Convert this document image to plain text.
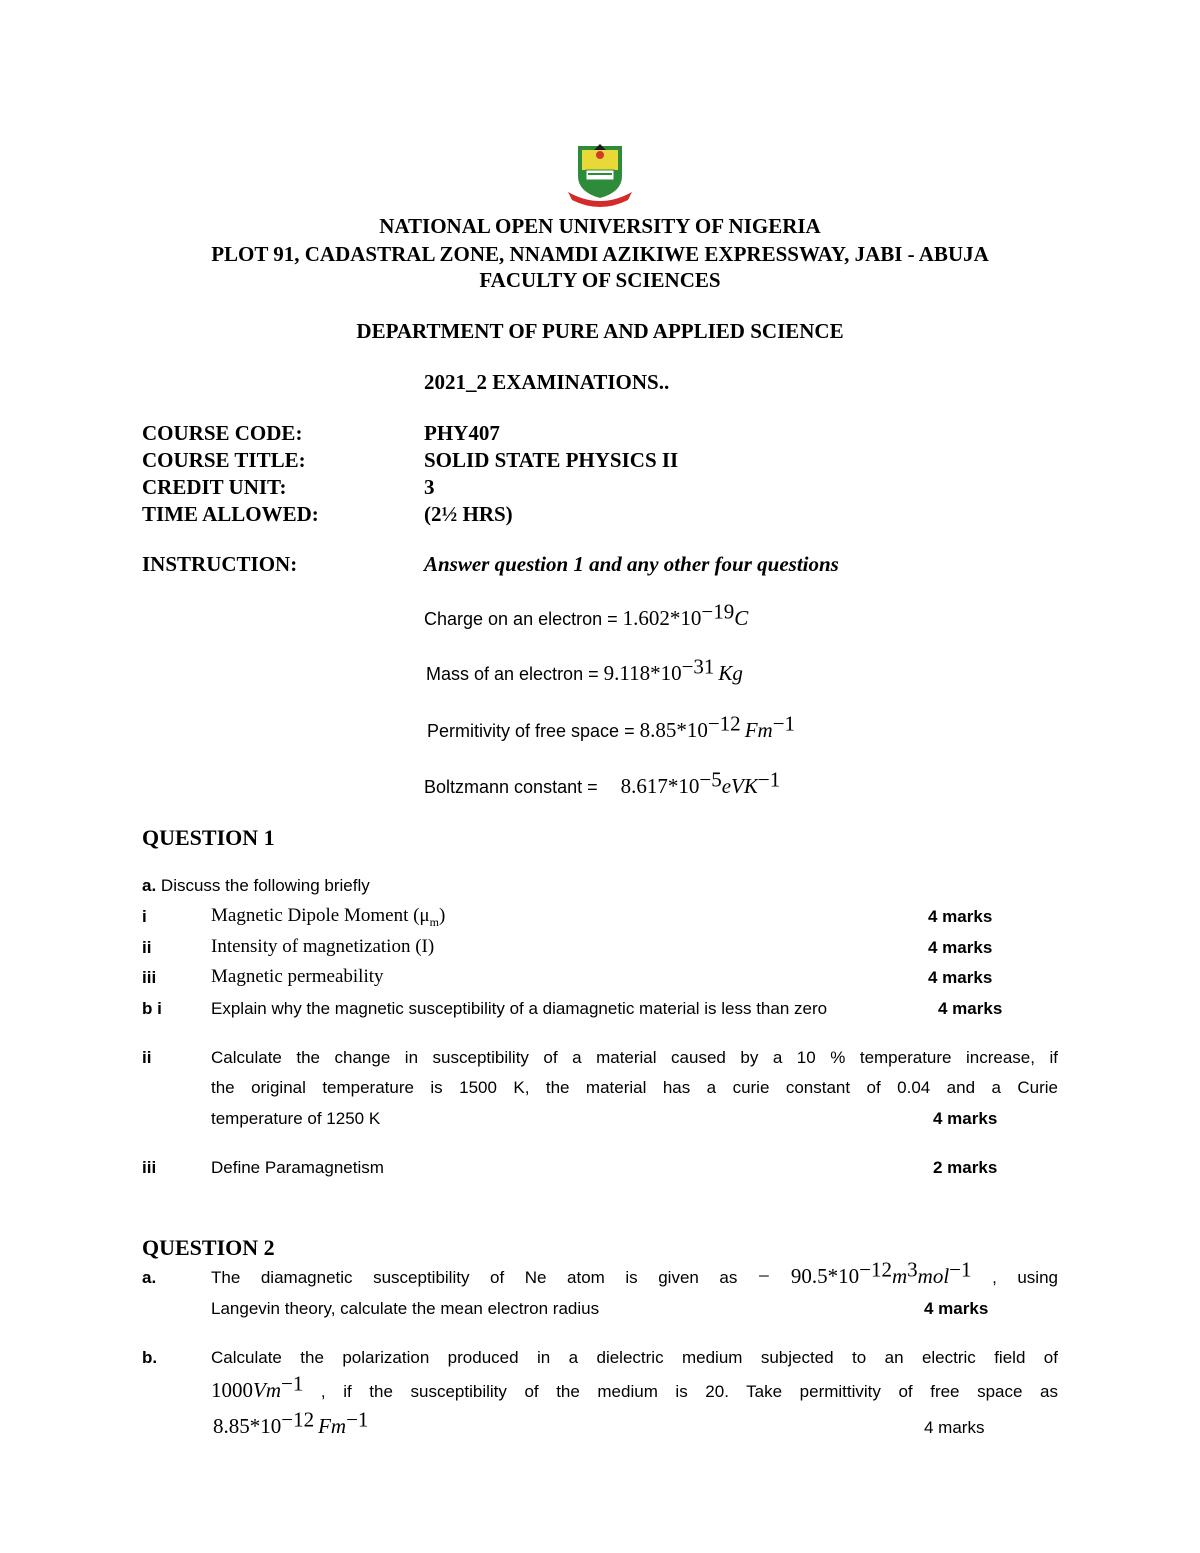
NATIONAL OPEN UNIVERSITY OF NIGERIA
PLOT 91, CADASTRAL ZONE, NNAMDI AZIKIWE EXPRESSWAY, JABI - ABUJA
FACULTY OF SCIENCES
DEPARTMENT OF PURE AND APPLIED SCIENCE
2021_2 EXAMINATIONS..
COURSE CODE:	PHY407
COURSE TITLE:	SOLID STATE PHYSICS II
CREDIT UNIT:	3
TIME ALLOWED:	(2½ HRS)
INSTRUCTION:	Answer question 1 and any other four questions
Charge on an electron = $1.602*10^{-19}C$
Mass of an electron = $9.118*10^{-31}$ Kg
Permitivity of free space = $8.85*10^{-12}$ $Fm^{-1}$
Boltzmann constant = $8.617*10^{-5}eVK^{-1}$
QUESTION 1
a. Discuss the following briefly
i	Magnetic Dipole Moment $(\mu_m)$	4 marks
ii	Intensity of magnetization (I)	4 marks
iii	Magnetic permeability	4 marks
b i	Explain why the magnetic susceptibility of a diamagnetic material is less than zero	4 marks
ii	Calculate the change in susceptibility of a material caused by a 10 % temperature increase, if
the original temperature is 1500 K, the material has a curie constant of 0.04 and a Curie
temperature of 1250 K	4 marks
iii	Define Paramagnetism	2 marks
QUESTION 2
a.	The diamagnetic susceptibility of Ne atom is given as − $90.5*10^{-12}m^3mol^{-1}$ , using
Langevin theory, calculate the mean electron radius	4 marks
b.	Calculate the polarization produced in a dielectric medium subjected to an electric field of
$1000Vm^{-1}$ , if the susceptibility of the medium is 20. Take permittivity of free space as
$8.85*10^{-12}$ $Fm^{-1}$	4 marks
